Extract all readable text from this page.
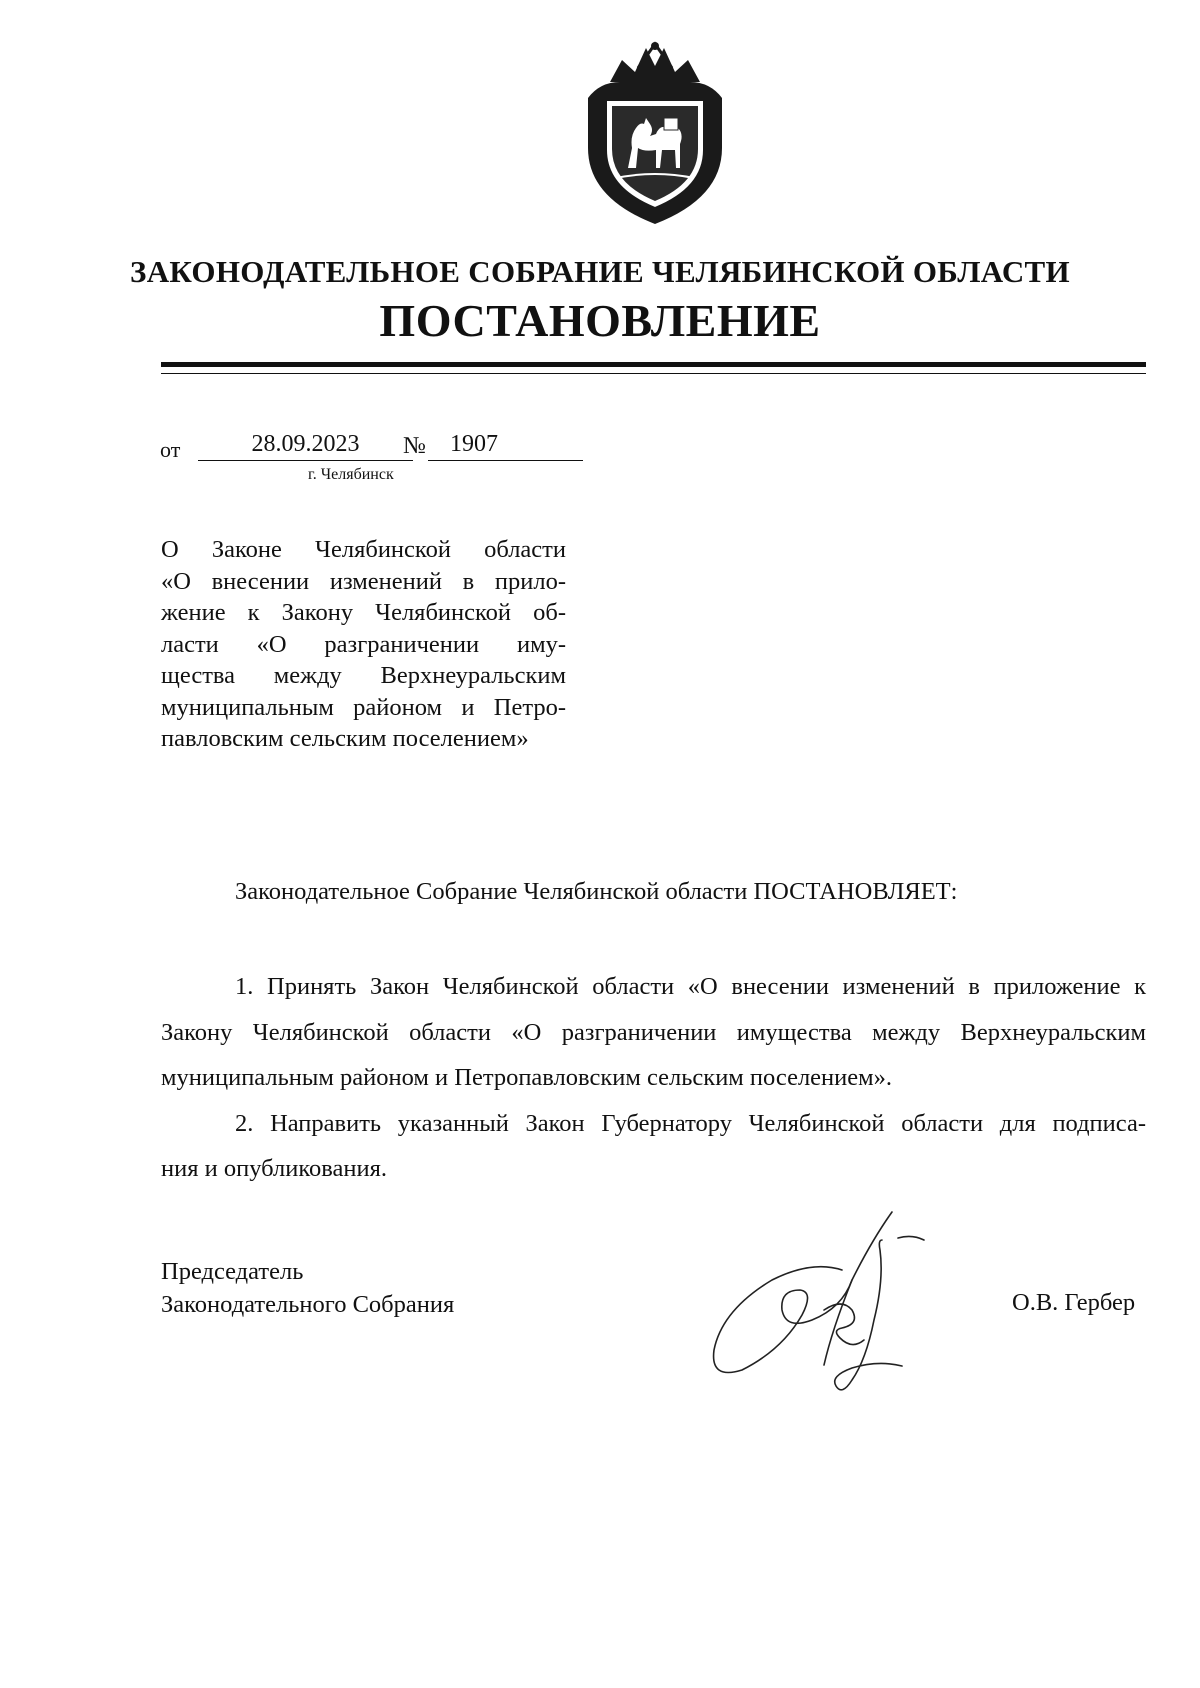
ЗАКОНОДАТЕЛЬНОЕ СОБРАНИЕ ЧЕЛЯБИНСКОЙ ОБЛАСТИ
ПОСТАНОВЛЕНИЕ
от	28.09.2023	№	1907
г. Челябинск
О Законе Челябинской области
«О внесении изменений в прило-
жение к Закону Челябинской об-
ласти «О разграничении иму-
щества между Верхнеуральским
муниципальным районом и Петро-
павловским сельским поселением»
Законодательное Собрание Челябинской области ПОСТАНОВЛЯЕТ:

1. Принять Закон Челябинской области «О внесении изменений в приложение к
Закону Челябинской области «О разграничении имущества между Верхнеуральским
муниципальным районом и Петропавловским сельским поселением».

2. Направить указанный Закон Губернатору Челябинской области для подписа-
ния и опубликования.

Председатель
Законодательного Собрания	О.В. Гербер
